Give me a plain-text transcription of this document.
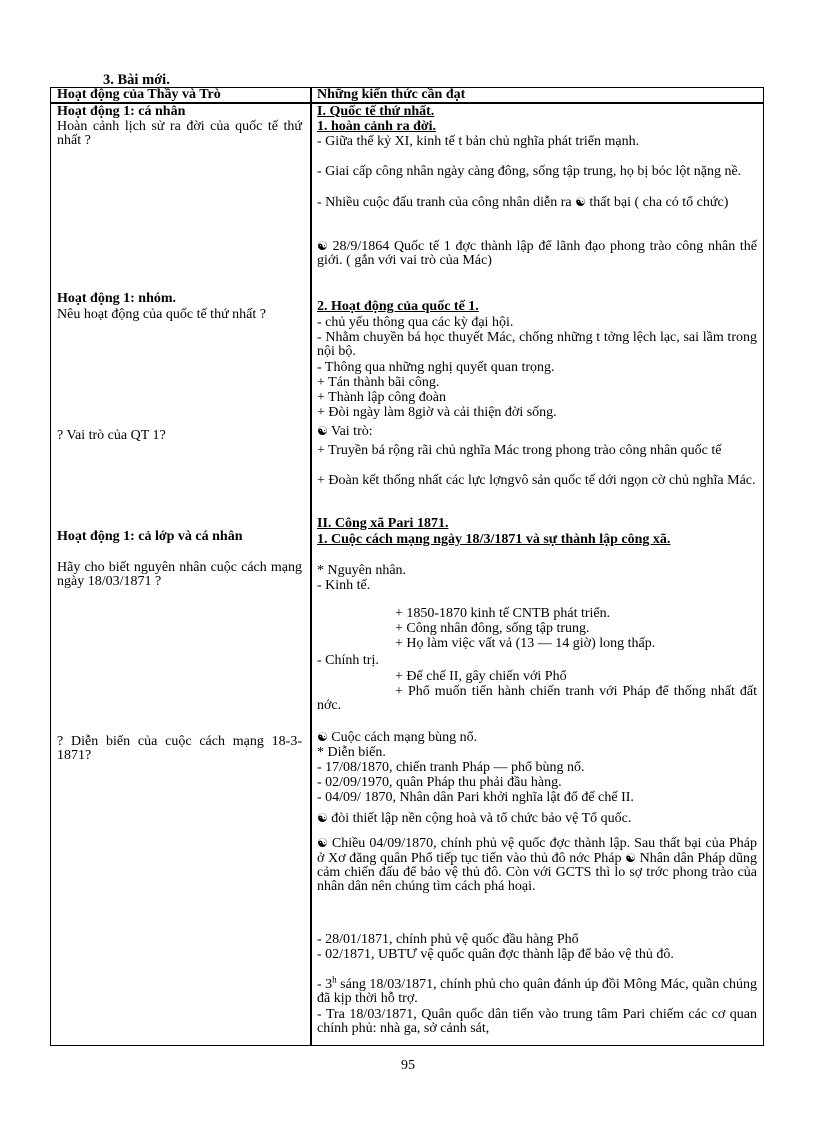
3. Bài mới.
Hoạt động của Thầy và Trò	Những kiến thức cần đạt
Hoạt động 1: cá nhân
Hoàn cảnh lịch sử ra đời của quốc tế thứ nhất ?
Hoạt động 1: nhóm.
Nêu hoạt động của quốc tế thứ nhất ?
? Vai trò của QT 1?
Hoạt động 1: cả lớp và cá nhân
Hãy cho biết nguyên nhân cuộc cách mạng ngày 18/03/1871 ?
? Diễn biến của cuộc cách mạng 18-3-1871?
I. Quốc tế thứ nhất.
1. hoàn cảnh ra đời.
- Giữa thế kỷ XI, kinh tế t bản chủ nghĩa phát triển mạnh.
- Giai cấp công nhân ngày càng đông, sống tập trung, họ bị bóc lột nặng nề.
- Nhiều cuộc đấu tranh của công nhân diễn ra ☯ thất bại ( cha có tổ chức)
☯ 28/9/1864 Quốc tế 1 đợc thành lập để lãnh đạo phong trào công nhân thế giới. ( gắn với vai trò của Mác)
2. Hoạt động của quốc tế 1.
- chủ yếu thông qua các kỳ đại hội.
- Nhằm chuyền bá học thuyết Mác, chống những t tởng lệch lạc, sai lầm trong nội bộ.
- Thông qua những nghị quyết quan trọng.
+ Tán thành bãi công.
+ Thành lập công đoàn
+ Đòi ngày làm 8giờ và cải thiện đời sống.
☯ Vai trò:
+ Truyền bá rộng rãi chủ nghĩa Mác trong phong trào công nhân quốc tế
+ Đoàn kết thống nhất các lực lợngvô sản quốc tế dới ngọn cờ chủ nghĩa Mác.
II. Công xã Pari 1871.
1. Cuộc cách mạng ngày 18/3/1871 và sự thành lập công xã.
* Nguyên nhân.
- Kinh tế.
+ 1850-1870 kinh tế CNTB phát triển.
+ Công nhân đông, sống tập trung.
+ Họ làm việc vất vả (13 — 14 giờ) long thấp.
- Chính trị.
+ Đế chế II, gây chiến với Phổ
+ Phổ muốn tiến hành chiến tranh với Pháp để thống nhất đất nớc.
☯ Cuộc cách mạng bùng nổ.
* Diễn biến.
- 17/08/1870, chiến tranh Pháp — phổ bùng nổ.
- 02/09/1970, quân Pháp thu phải đầu hàng.
- 04/09/ 1870, Nhân dân Pari khởi nghĩa lật đổ đế chế II.
☯ đòi thiết lập nền cộng hoà và tổ chức bảo vệ Tổ quốc.
☯ Chiều 04/09/1870, chính phủ vệ quốc đợc thành lập. Sau thất bại của Pháp ở Xơ đăng quân Phổ tiếp tục tiến vào thủ đô nớc Pháp ☯ Nhân dân Pháp dũng cảm chiến đấu để bảo vệ thủ đô. Còn với GCTS thì lo sợ trớc phong trào của nhân dân nên chúng tìm cách phá hoại.
- 28/01/1871, chính phủ vệ quốc đầu hàng Phổ
- 02/1871, UBTƯ vệ quốc quân đợc thành lập để bảo vệ thủ đô.
- 3$^h$ sáng 18/03/1871, chính phủ cho quân đánh úp đồi Mông Mác, quần chúng đã kịp thời hỗ trợ.
- Tra 18/03/1871, Quân quốc dân tiến vào trung tâm Pari chiếm các cơ quan chính phủ: nhà ga, sở cảnh sát,
95
